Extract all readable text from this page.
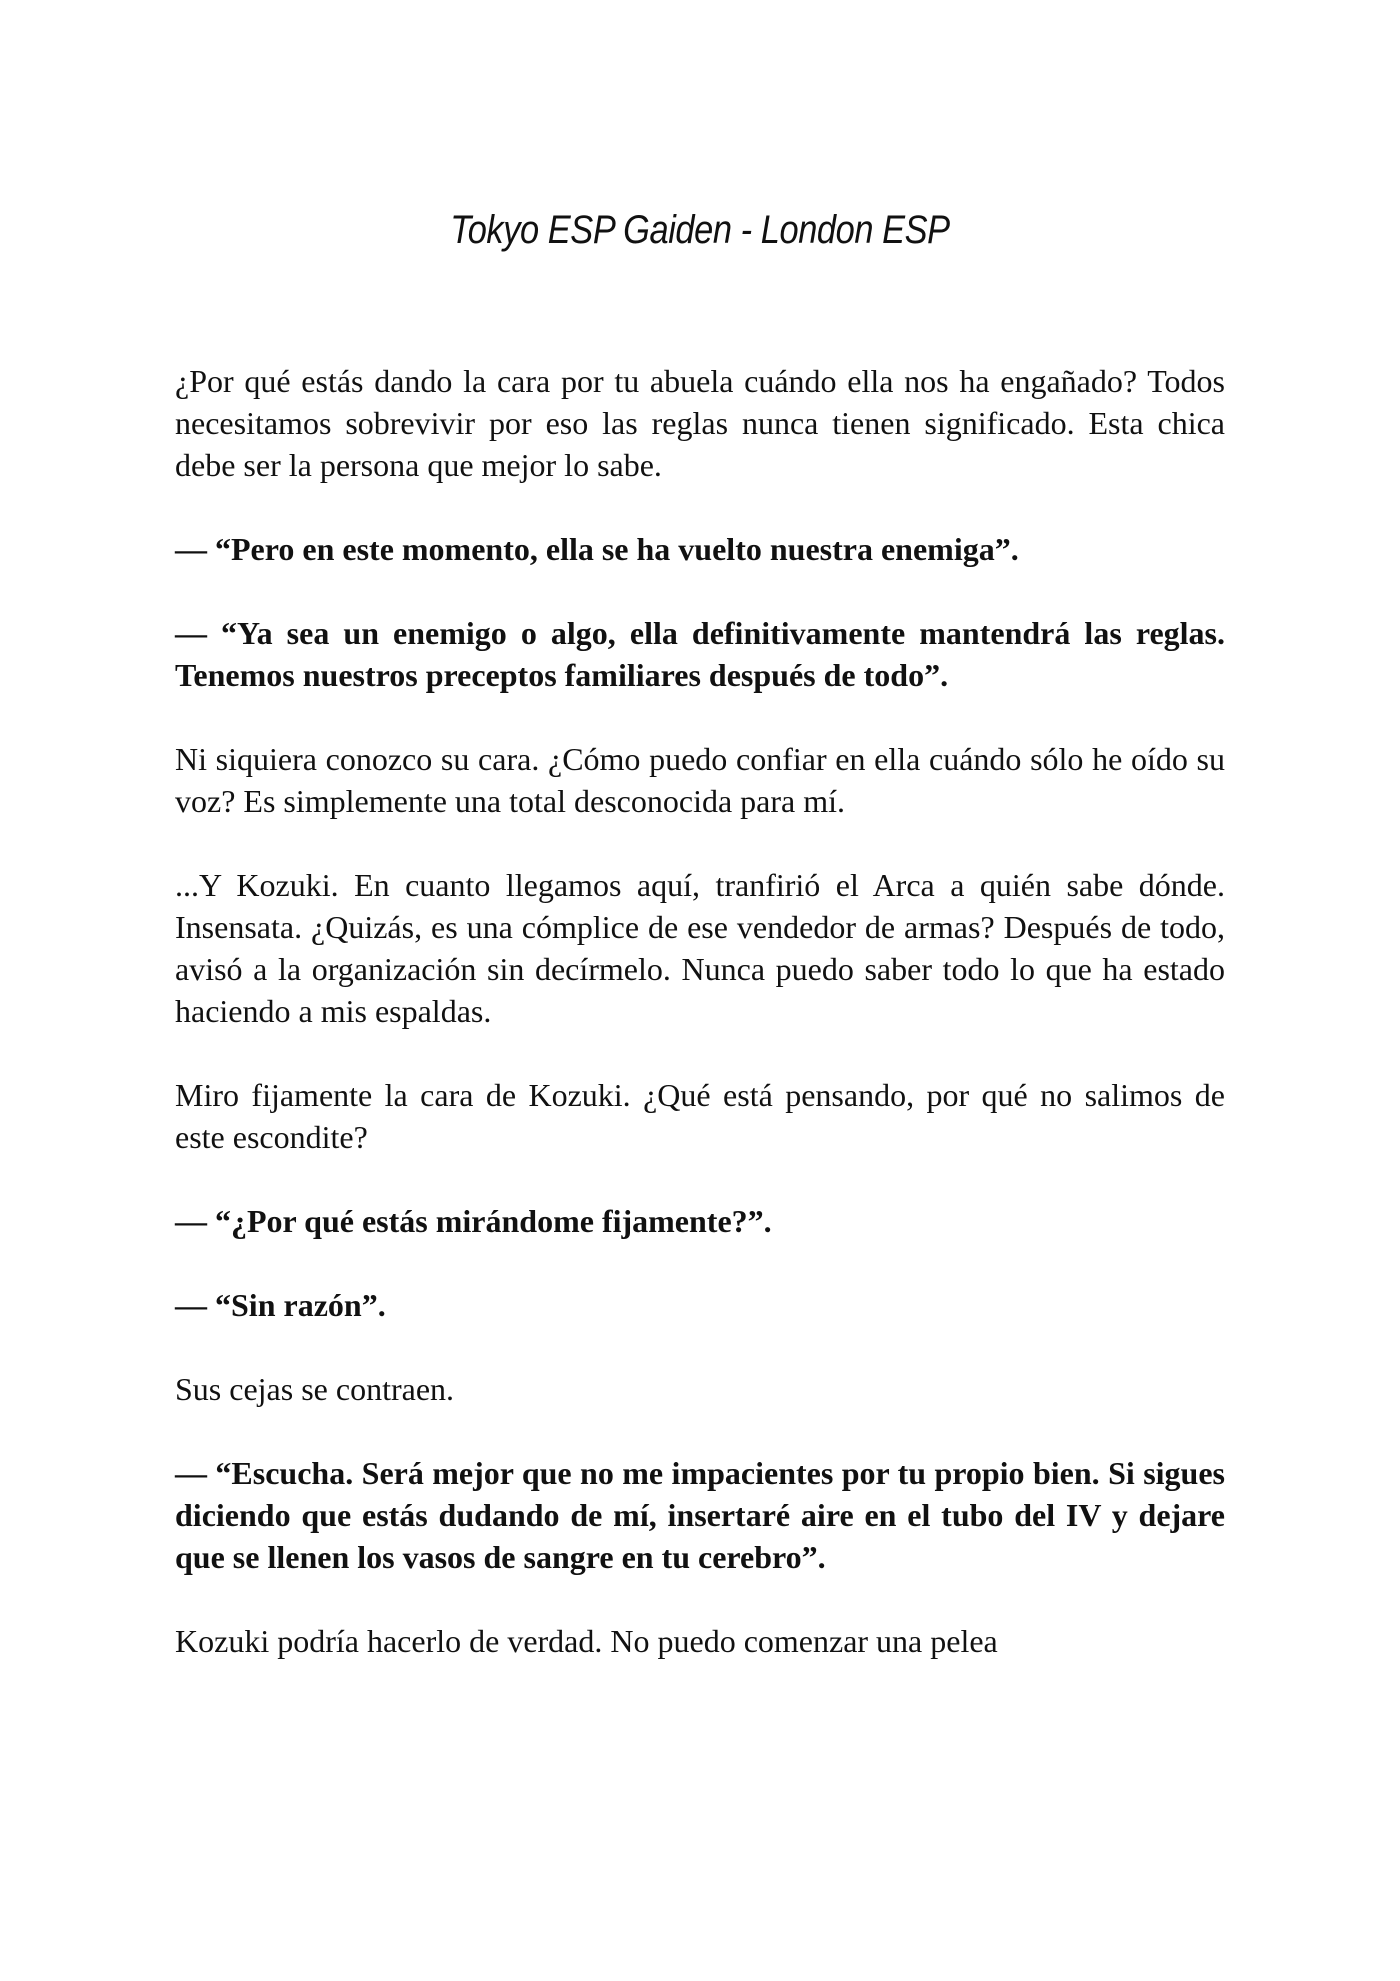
Tokyo ESP Gaiden - London ESP

¿Por qué estás dando la cara por tu abuela cuándo ella nos ha engañado? Todos necesitamos sobrevivir por eso las reglas nunca tienen significado. Esta chica debe ser la persona que mejor lo sabe.

— “Pero en este momento, ella se ha vuelto nuestra enemiga”.

— “Ya sea un enemigo o algo, ella definitivamente mantendrá las reglas. Tenemos nuestros preceptos familiares después de todo”.

Ni siquiera conozco su cara. ¿Cómo puedo confiar en ella cuándo sólo he oído su voz? Es simplemente una total desconocida para mí.

...Y Kozuki. En cuanto llegamos aquí, tranfirió el Arca a quién sabe dónde. Insensata. ¿Quizás, es una cómplice de ese vendedor de armas? Después de todo, avisó a la organización sin decírmelo. Nunca puedo saber todo lo que ha estado haciendo a mis espaldas.

Miro fijamente la cara de Kozuki. ¿Qué está pensando, por qué no salimos de este escondite?

— “¿Por qué estás mirándome fijamente?”.

— “Sin razón”.

Sus cejas se contraen.

— “Escucha. Será mejor que no me impacientes por tu propio bien. Si sigues diciendo que estás dudando de mí, insertaré aire en el tubo del IV y dejare que se llenen los vasos de sangre en tu cerebro”.

Kozuki podría hacerlo de verdad. No puedo comenzar una pelea
